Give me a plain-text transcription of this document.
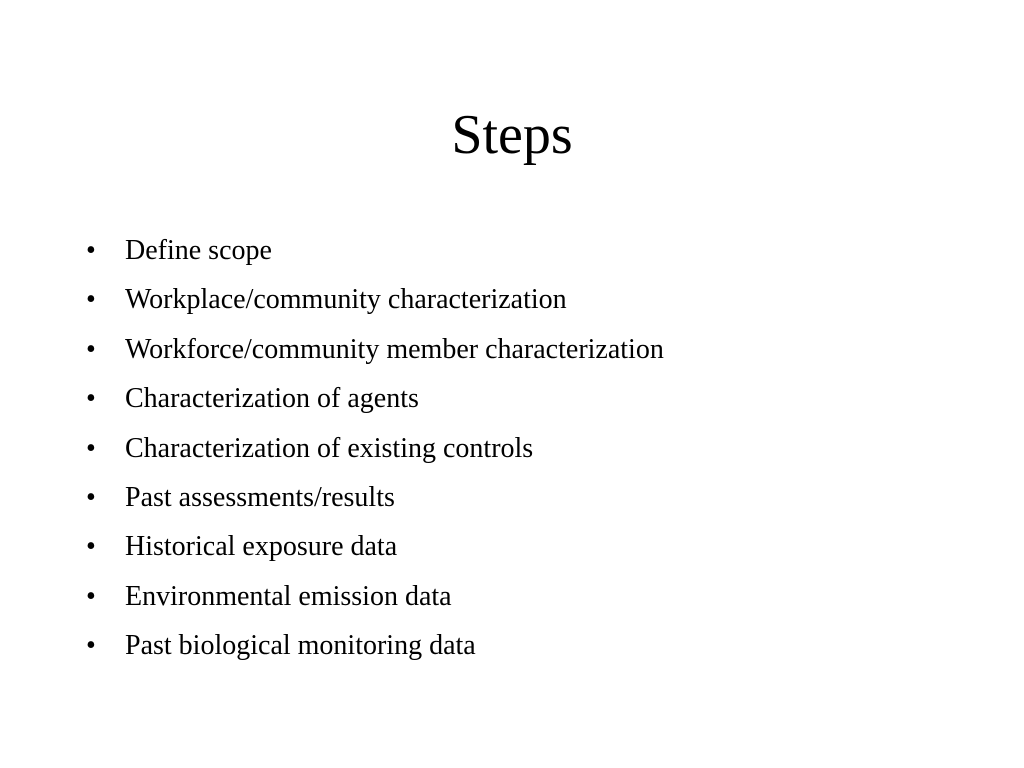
Steps
•	Define scope
•	Workplace/community characterization
•	Workforce/community member characterization
•	Characterization of agents
•	Characterization of existing controls
•	Past assessments/results
•	Historical exposure data
•	Environmental emission data
•	Past biological monitoring data
